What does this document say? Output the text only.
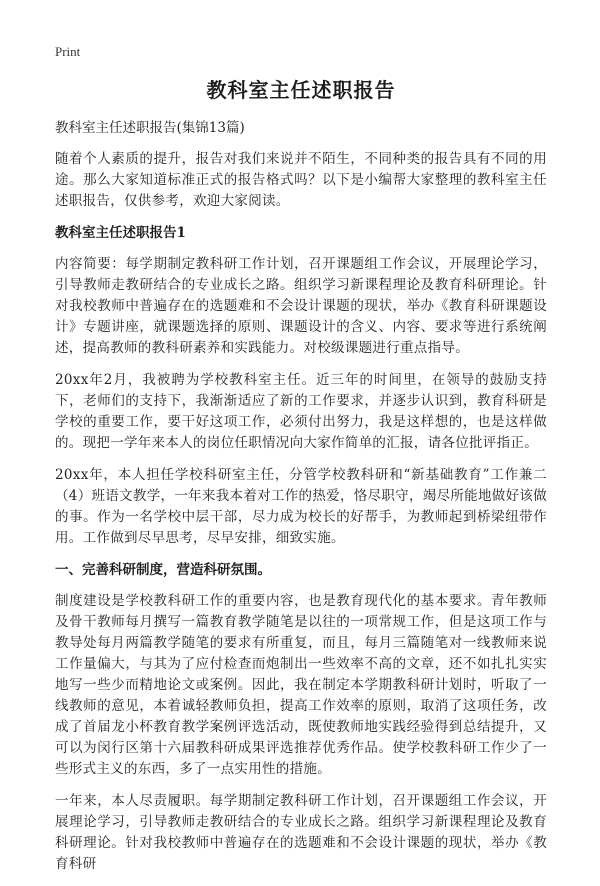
Print
教科室主任述职报告
教科室主任述职报告(集锦13篇)

随着个人素质的提升，报告对我们来说并不陌生，不同种类的报告具有不同的用途。那么大家知道标准正式的报告格式吗？以下是小编帮大家整理的教科室主任述职报告，仅供参考，欢迎大家阅读。

教科室主任述职报告1

内容简要：每学期制定教科研工作计划，召开课题组工作会议，开展理论学习，引导教师走教研结合的专业成长之路。组织学习新课程理论及教育科研理论。针对我校教师中普遍存在的选题难和不会设计课题的现状，举办《教育科研课题设计》专题讲座，就课题选择的原则、课题设计的含义、内容、要求等进行系统阐述，提高教师的教科研素养和实践能力。对校级课题进行重点指导。

20xx年2月，我被聘为学校教科室主任。近三年的时间里，在领导的鼓励支持下，老师们的支持下，我渐渐适应了新的工作要求，并逐步认识到，教育科研是学校的重要工作，要干好这项工作，必须付出努力，我是这样想的，也是这样做的。现把一学年来本人的岗位任职情况向大家作简单的汇报，请各位批评指正。

20xx年，本人担任学校科研室主任，分管学校教科研和“新基础教育”工作兼二（4）班语文教学，一年来我本着对工作的热爱，恪尽职守，竭尽所能地做好该做的事。作为一名学校中层干部，尽力成为校长的好帮手，为教师起到桥梁纽带作用。工作做到尽早思考，尽早安排，细致实施。

一、完善科研制度，营造科研氛围。

制度建设是学校教科研工作的重要内容，也是教育现代化的基本要求。青年教师及骨干教师每月撰写一篇教育教学随笔是以往的一项常规工作，但是这项工作与教导处每月两篇教学随笔的要求有所重复，而且，每月三篇随笔对一线教师来说工作量偏大，与其为了应付检查而炮制出一些效率不高的文章，还不如扎扎实实地写一些少而精地论文或案例。因此，我在制定本学期教科研计划时，听取了一线教师的意见，本着诚轻教师负担，提高工作效率的原则，取消了这项任务，改成了首届龙小杯教育教学案例评选活动，既使教师地实践经验得到总结提升，又可以为闵行区第十六届教科研成果评选推荐优秀作品。使学校教科研工作少了一些形式主义的东西，多了一点实用性的措施。

一年来，本人尽责履职。每学期制定教科研工作计划，召开课题组工作会议，开展理论学习，引导教师走教研结合的专业成长之路。组织学习新课程理论及教育科研理论。针对我校教师中普遍存在的选题难和不会设计课题的现状，举办《教育科研
